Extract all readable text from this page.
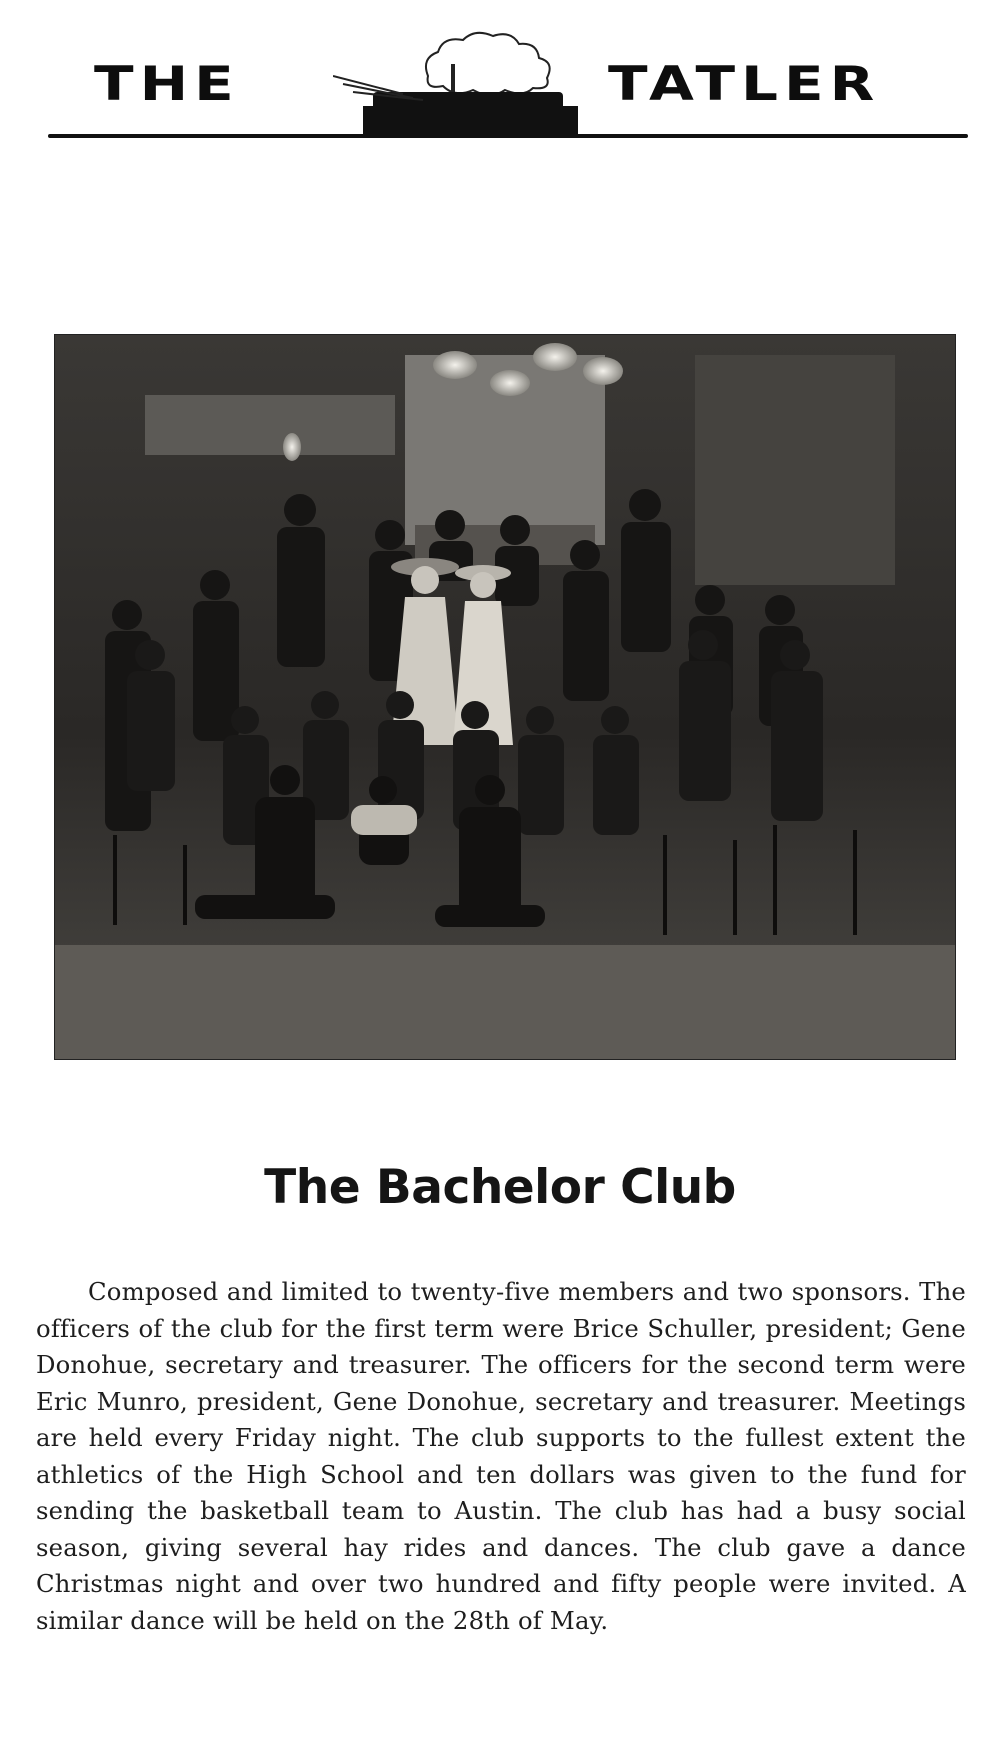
THE	TATLER
The Bachelor Club
Composed and limited to twenty-five members and two sponsors. The officers of the club for the first term were Brice Schuller, president; Gene Donohue, secretary and treasurer. The officers for the second term were Eric Munro, president, Gene Donohue, secretary and treasurer. Meetings are held every Friday night. The club supports to the fullest extent the athletics of the High School and ten dollars was given to the fund for sending the basketball team to Austin. The club has had a busy social season, giving several hay rides and dances. The club gave a dance Christmas night and over two hundred and fifty people were invited. A similar dance will be held on the 28th of May.
